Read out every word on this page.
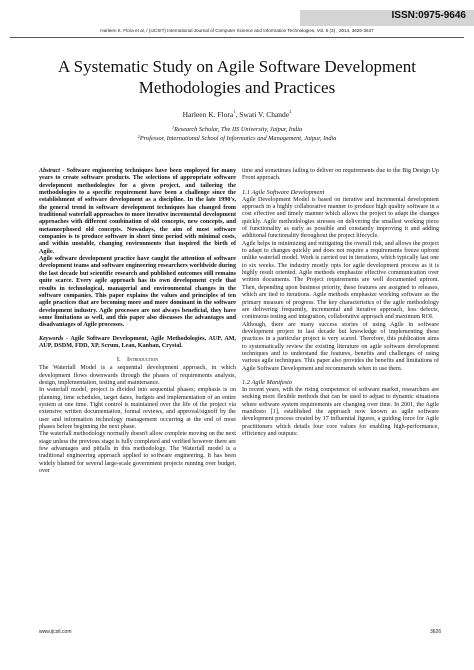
ISSN:0975-9646
Harleen K. Flora et al, / (IJCSIT) International Journal of Computer Science and Information Technologies, Vol. 5 (3) , 2014, 3626-3637
A Systematic Study on Agile Software Development Methodologies and Practices
Harleen K. Flora$^1$, Swati V. Chande$^2$
$^1$Research Scholar, The IIS University, Jaipur, India
$^2$Professor, International School of Informatics and Management, Jaipur, India

Abstract - Software engineering techniques have been employed for many years to create software products. The selections of appropriate software development methodologies for a given project, and tailoring the methodologies to a specific requirement have been a challenge since the establishment of software development as a discipline. In the late 1990's, the general trend in software development techniques has changed from traditional waterfall approaches to more iterative incremental development approaches with different combination of old concepts, new concepts, and metamorphosed old concepts. Nowadays, the aim of most software companies is to produce software in short time period with minimal costs, and within unstable, changing environments that inspired the birth of Agile.

Agile software development practice have caught the attention of software development teams and software engineering researchers worldwide during the last decade but scientific research and published outcomes still remains quite scarce. Every agile approach has its own development cycle that results in technological, managerial and environmental changes in the software companies. This paper explains the values and principles of ten agile practices that are becoming more and more dominant in the software development industry. Agile processes are not always beneficial, they have some limitations as well, and this paper also discusses the advantages and disadvantages of Agile processes.

Keywords - Agile Software Development, Agile Methodologies, AUP, AM, AUP, DSDM, FDD, XP, Scrum, Lean, Kanban, Crystal.

I. Introduction

The Waterfall Model is a sequential development approach, in which development flows downwards through the phases of requirements analysis, design, implementation, testing and maintenance.

In waterfall model, project is divided into sequential phases; emphasis is on planning, time schedules, target dates, budgets and implementation of an entire system at one time. Tight control is maintained over the life of the project via extensive written documentation, formal reviews, and approval/signoff by the user and information technology management occurring at the end of most phases before beginning the next phase.

The waterfall methodology normally doesn't allow complete moving on the next stage unless the previous stage is fully completed and verified however there are few advantages and pitfalls in this methodology. The Waterfall model is a traditional engineering approach applied to software engineering. It has been widely blamed for several large-scale government projects running over budget, over

time and sometimes failing to deliver on requirements due to the Big Design Up Front approach.

1.1 Agile Software Development

Agile Development Model is based on iterative and incremental development approach in a highly collaborative manner to produce high quality software in a cost effective and timely manner which allows the project to adapt the changes quickly. Agile methodologies stresses on delivering the smallest working piece of functionality as early as possible and constantly improving it and adding additional functionality throughout the project lifecycle.

Agile helps in minimizing and mitigating the overall risk, and allows the project to adapt to changes quickly and does not require a requirements freeze upfront unlike waterfall model. Work is carried out in iterations, which typically last one to six weeks. The industry mostly opts for agile development process as it is highly result oriented. Agile methods emphasize effective communication over written documents. The Project requirements are well documented upfront. Then, depending upon business priority, these features are assigned to releases, which are tied to iterations. Agile methods emphasize working software as the primary measure of progress. The key characteristics of the agile methodology are delivering frequently, incremental and iterative approach, less defects, continuous testing and integration, collaborative approach and maximum ROI.

Although, there are many success stories of using Agile in software development project in last decade but knowledge of implementing these practices in a particular project is very scared. Therefore, this publication aims to systematically review the existing literature on agile software development techniques and to understand the features, benefits and challenges of using various agile techniques. This paper also provides the benefits and limitations of Agile Software Development and recommends when to use them.

1.2 Agile Manifesto

In recent years, with the rising competence of software market, researchers are seeking more flexible methods that can be used to adjust to dynamic situations where software system requirements are changing over time. In 2001, the Agile manifesto [1], established the approach now known as agile software development process created by 17 influential figures, a guiding force for Agile practitioners which details four core values for enabling high-performance, efficiency and outputs:

www.ijcsit.com	3626
